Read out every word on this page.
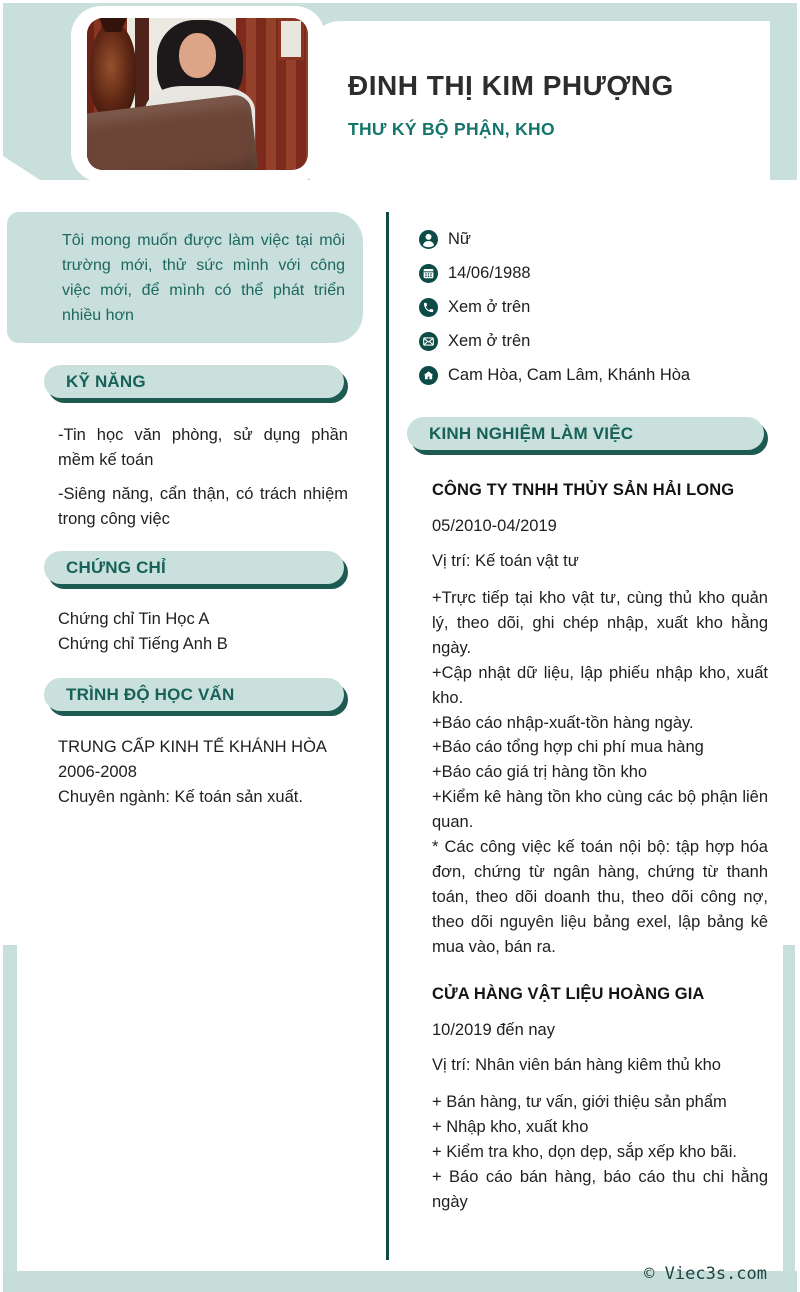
ĐINH THỊ KIM PHƯỢNG
THƯ KÝ BỘ PHẬN, KHO

Tôi mong muốn được làm việc tại môi trường mới, thử sức mình với công việc mới, để mình có thể phát triển nhiều hơn

KỸ NĂNG

-Tin học văn phòng, sử dụng phần mềm kế toán

-Siêng năng, cẩn thận, có trách nhiệm trong công việc

CHỨNG CHỈ
Chứng chỉ Tin Học A
Chứng chỉ Tiếng Anh B
TRÌNH ĐỘ HỌC VẤN
TRUNG CẤP KINH TẾ KHÁNH HÒA
2006-2008
Chuyên ngành: Kế toán sản xuất.
Nữ
14/06/1988
Xem ở trên
Xem ở trên
Cam Hòa, Cam Lâm, Khánh Hòa
KINH NGHIỆM LÀM VIỆC
CÔNG TY TNHH THỦY SẢN HẢI LONG
05/2010-04/2019
Vị trí: Kế toán vật tư
+Trực tiếp tại kho vật tư, cùng thủ kho quản lý, theo dõi, ghi chép nhập, xuất kho hằng ngày.
+Cập nhật dữ liệu, lập phiếu nhập kho, xuất kho.
+Báo cáo nhập-xuất-tồn hàng ngày.
+Báo cáo tổng hợp chi phí mua hàng
+Báo cáo giá trị hàng tồn kho
+Kiểm kê hàng tồn kho cùng các bộ phận liên quan.
* Các công việc kế toán nội bộ: tập hợp hóa đơn, chứng từ ngân hàng, chứng từ thanh toán, theo dõi doanh thu, theo dõi công nợ, theo dõi nguyên liệu bảng exel, lập bảng kê mua vào, bán ra.
CỬA HÀNG VẬT LIỆU HOÀNG GIA
10/2019 đến nay
Vị trí: Nhân viên bán hàng kiêm thủ kho
+ Bán hàng, tư vấn, giới thiệu sản phẩm
+ Nhập kho, xuất kho
+ Kiểm tra kho, dọn dẹp, sắp xếp kho bãi.
+ Báo cáo bán hàng, báo cáo thu chi hằng ngày
© Viec3s.com
